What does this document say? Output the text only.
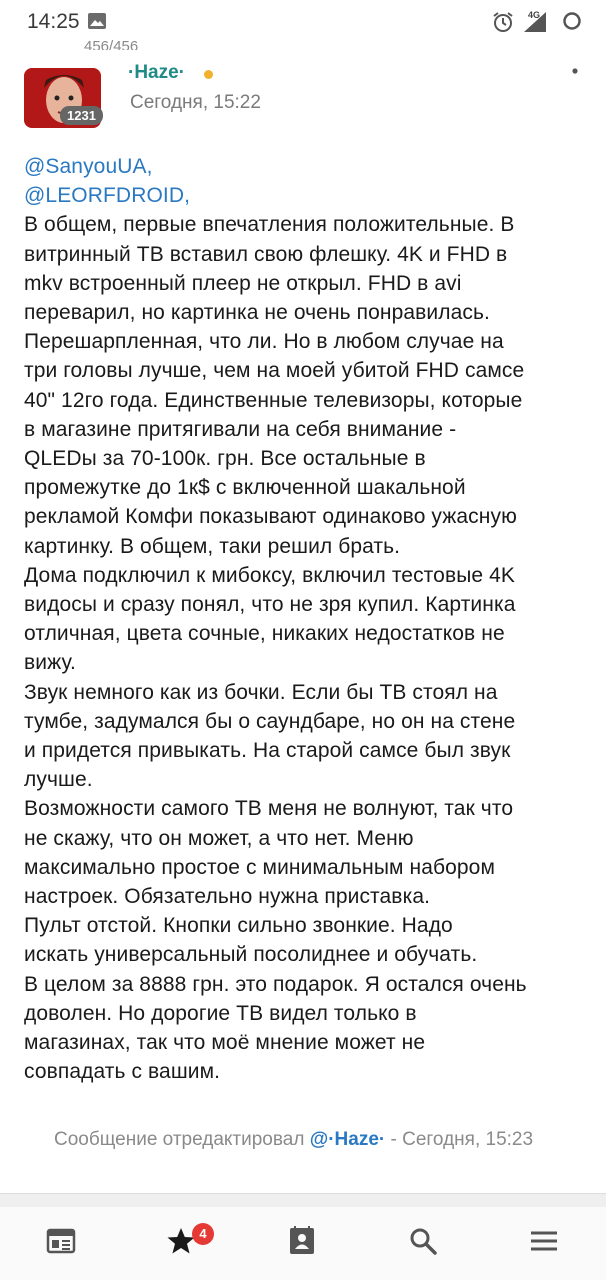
14:25	4G
456/456
1231
·Haze·
Сегодня, 15:22
@SanyouUA,
@LEORFDROID,
В общем, первые впечатления положительные. В
витринный ТВ вставил свою флешку. 4K и FHD в
mkv встроенный плеер не открыл. FHD в avi
переварил, но картинка не очень понравилась.
Перешарпленная, что ли. Но в любом случае на
три головы лучше, чем на моей убитой FHD самсе
40" 12го года. Единственные телевизоры, которые
в магазине притягивали на себя внимание -
QLEDы за 70-100к. грн. Все остальные в
промежутке до 1к$ с включенной шакальной
рекламой Комфи показывают одинаково ужасную
картинку. В общем, таки решил брать.
Дома подключил к мибоксу, включил тестовые 4K
видосы и сразу понял, что не зря купил. Картинка
отличная, цвета сочные, никаких недостатков не
вижу.
Звук немного как из бочки. Если бы ТВ стоял на
тумбе, задумался бы о саундбаре, но он на стене
и придется привыкать. На старой самсе был звук
лучше.
Возможности самого ТВ меня не волнуют, так что
не скажу, что он может, а что нет. Меню
максимально простое с минимальным набором
настроек. Обязательно нужна приставка.
Пульт отстой. Кнопки сильно звонкие. Надо
искать универсальный посолиднее и обучать.
В целом за 8888 грн. это подарок. Я остался очень
доволен. Но дорогие ТВ видел только в
магазинах, так что моё мнение может не
совпадать с вашим.
Сообщение отредактировал @·Haze· - Сегодня, 15:23
4
